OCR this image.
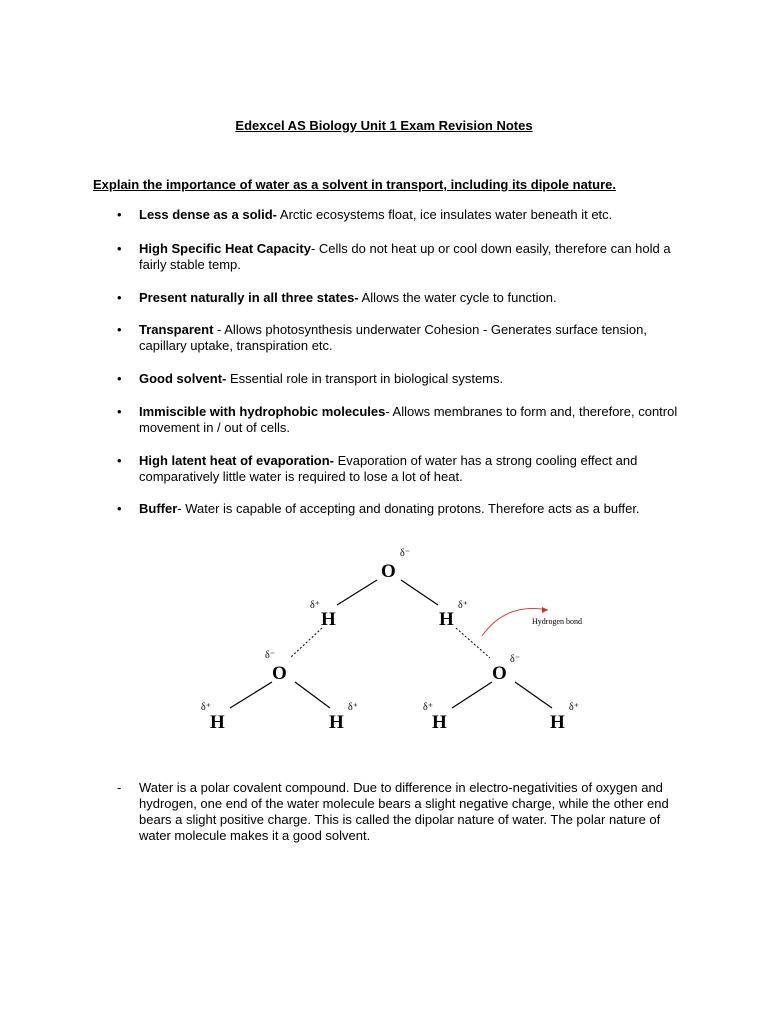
Edexcel AS Biology Unit 1 Exam Revision Notes

Explain the importance of water as a solvent in transport, including its dipole nature.

•	Less dense as a solid- Arctic ecosystems float, ice insulates water beneath it etc.
•	High Specific Heat Capacity- Cells do not heat up or cool down easily, therefore can hold a fairly stable temp.
•	Present naturally in all three states- Allows the water cycle to function.
•	Transparent - Allows photosynthesis underwater Cohesion - Generates surface tension, capillary uptake, transpiration etc.
•	Good solvent- Essential role in transport in biological systems.
•	Immiscible with hydrophobic molecules- Allows membranes to form and, therefore, control movement in / out of cells.
•	High latent heat of evaporation- Evaporation of water has a strong cooling effect and comparatively little water is required to lose a lot of heat.
•	Buffer- Water is capable of accepting and donating protons. Therefore acts as a buffer.
O
δ⁻
H
δ⁺
H
δ⁺
Hydrogen bond
O
δ⁻
O
δ⁻
H
δ⁺
H
δ⁺
H
δ⁺
H
δ⁺
- Water is a polar covalent compound. Due to difference in electro-negativities of oxygen and hydrogen, one end of the water molecule bears a slight negative charge, while the other end bears a slight positive charge. This is called the dipolar nature of water. The polar nature of water molecule makes it a good solvent.
